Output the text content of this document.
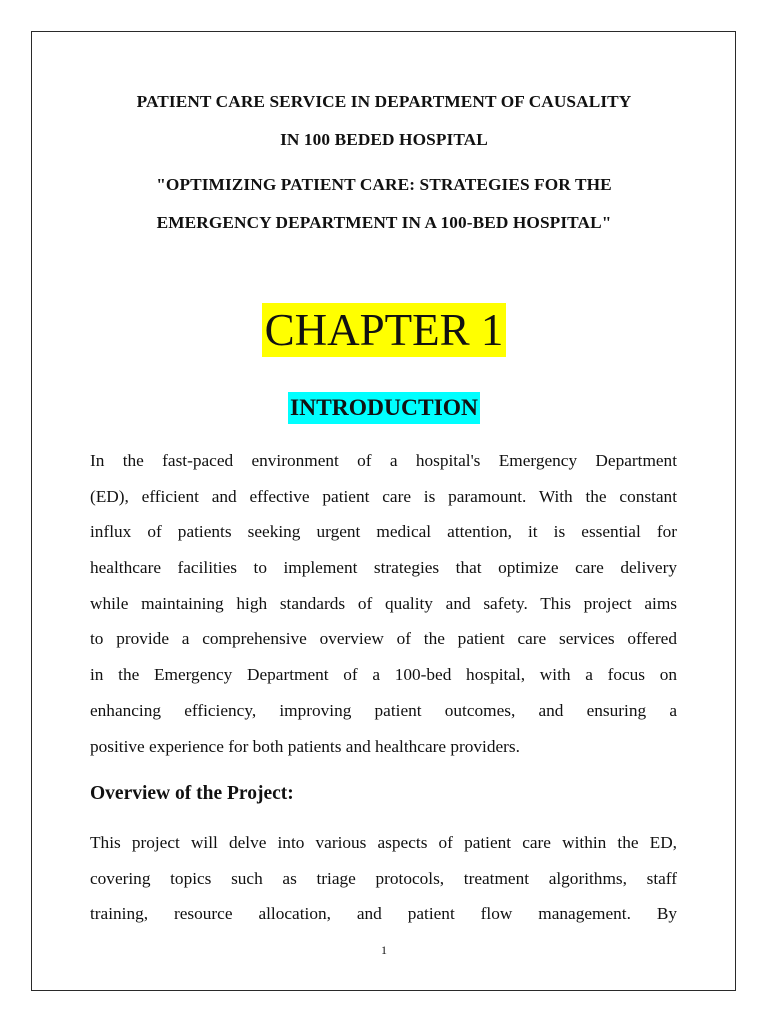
PATIENT CARE SERVICE IN DEPARTMENT OF CAUSALITY
IN 100 BEDED HOSPITAL
"OPTIMIZING PATIENT CARE: STRATEGIES FOR THE
EMERGENCY DEPARTMENT IN A 100-BED HOSPITAL"
CHAPTER 1
INTRODUCTION
In the fast-paced environment of a hospital's Emergency Department
(ED), efficient and effective patient care is paramount. With the constant
influx of patients seeking urgent medical attention, it is essential for
healthcare facilities to implement strategies that optimize care delivery
while maintaining high standards of quality and safety. This project aims
to provide a comprehensive overview of the patient care services offered
in the Emergency Department of a 100-bed hospital, with a focus on
enhancing efficiency, improving patient outcomes, and ensuring a
positive experience for both patients and healthcare providers.
Overview of the Project:
This project will delve into various aspects of patient care within the ED,
covering topics such as triage protocols, treatment algorithms, staff
training, resource allocation, and patient flow management. By
1
